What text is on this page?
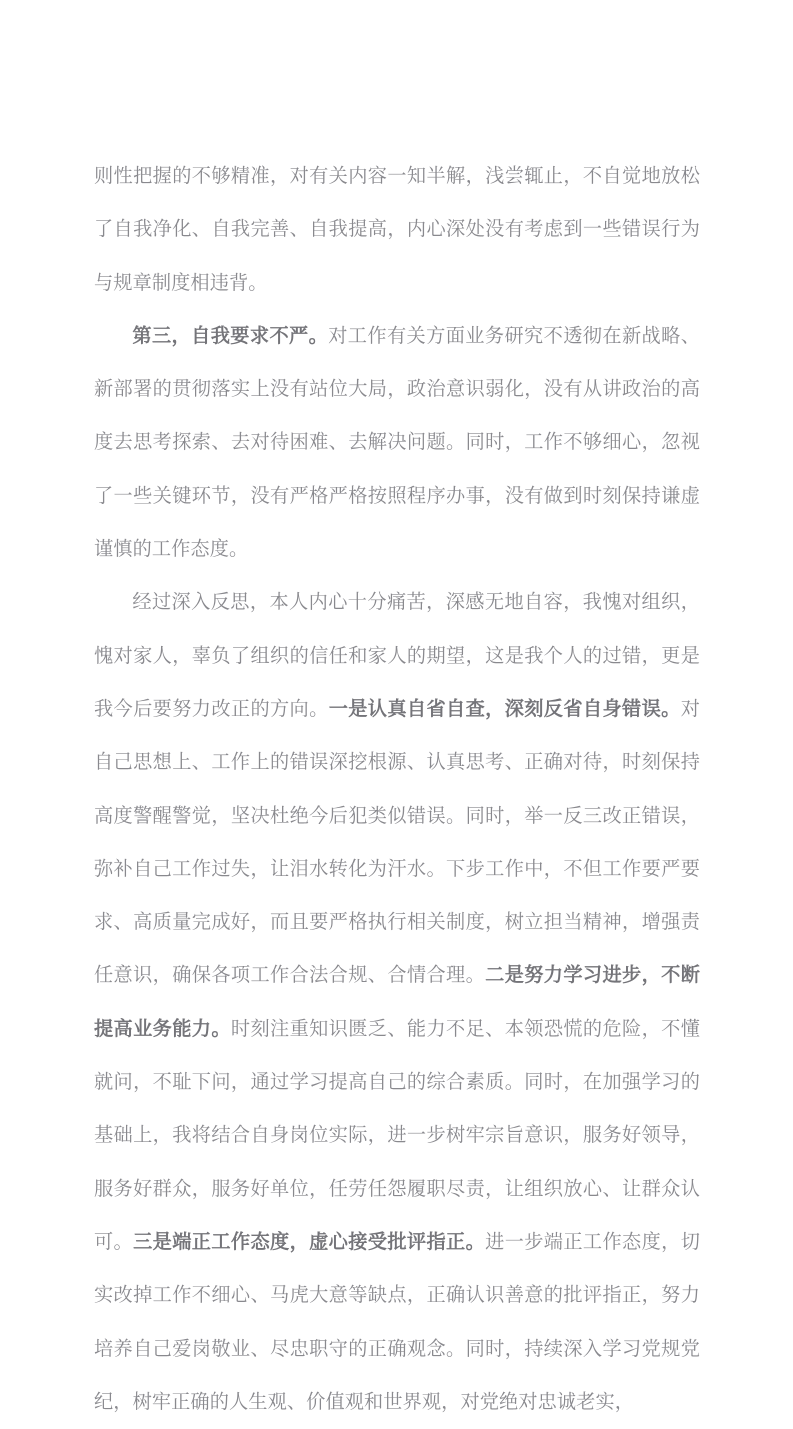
则性把握的不够精准，对有关内容一知半解，浅尝辄止，不自觉地放松了自我净化、自我完善、自我提高，内心深处没有考虑到一些错误行为与规章制度相违背。

第三，自我要求不严。对工作有关方面业务研究不透彻在新战略、新部署的贯彻落实上没有站位大局，政治意识弱化，没有从讲政治的高度去思考探索、去对待困难、去解决问题。同时，工作不够细心，忽视了一些关键环节，没有严格严格按照程序办事，没有做到时刻保持谦虚谨慎的工作态度。

经过深入反思，本人内心十分痛苦，深感无地自容，我愧对组织，愧对家人，辜负了组织的信任和家人的期望，这是我个人的过错，更是我今后要努力改正的方向。一是认真自省自查，深刻反省自身错误。对自己思想上、工作上的错误深挖根源、认真思考、正确对待，时刻保持高度警醒警觉，坚决杜绝今后犯类似错误。同时，举一反三改正错误，弥补自己工作过失，让泪水转化为汗水。下步工作中，不但工作要严要求、高质量完成好，而且要严格执行相关制度，树立担当精神，增强责任意识，确保各项工作合法合规、合情合理。二是努力学习进步，不断提高业务能力。时刻注重知识匮乏、能力不足、本领恐慌的危险，不懂就问，不耻下问，通过学习提高自己的综合素质。同时，在加强学习的基础上，我将结合自身岗位实际，进一步树牢宗旨意识，服务好领导，服务好群众，服务好单位，任劳任怨履职尽责，让组织放心、让群众认可。三是端正工作态度，虚心接受批评指正。进一步端正工作态度，切实改掉工作不细心、马虎大意等缺点，正确认识善意的批评指正，努力培养自己爱岗敬业、尽忠职守的正确观念。同时，持续深入学习党规党纪，树牢正确的人生观、价值观和世界观，对党绝对忠诚老实，
